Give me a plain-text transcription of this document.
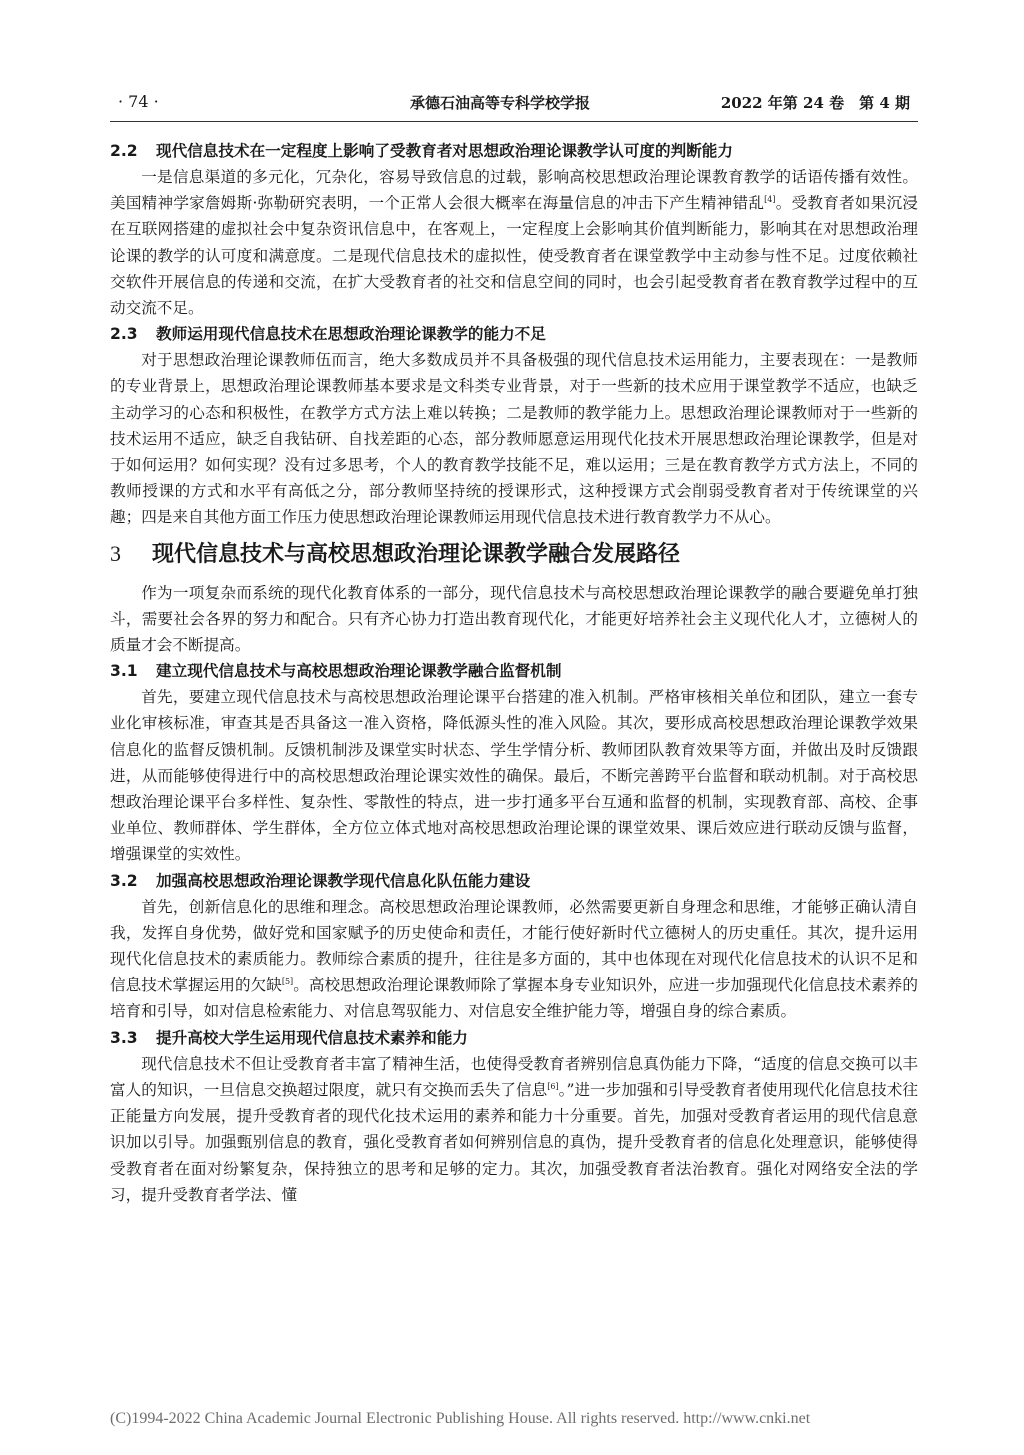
· 74 ·	承德石油高等专科学校学报	2022 年第 24 卷　第 4 期
2.2 现代信息技术在一定程度上影响了受教育者对思想政治理论课教学认可度的判断能力

一是信息渠道的多元化，冗杂化，容易导致信息的过载，影响高校思想政治理论课教育教学的话语传播有效性。美国精神学家詹姆斯·弥勒研究表明，一个正常人会很大概率在海量信息的冲击下产生精神错乱[4]。受教育者如果沉浸在互联网搭建的虚拟社会中复杂资讯信息中，在客观上，一定程度上会影响其价值判断能力，影响其在对思想政治理论课的教学的认可度和满意度。二是现代信息技术的虚拟性，使受教育者在课堂教学中主动参与性不足。过度依赖社交软件开展信息的传递和交流，在扩大受教育者的社交和信息空间的同时，也会引起受教育者在教育教学过程中的互动交流不足。

2.3 教师运用现代信息技术在思想政治理论课教学的能力不足

对于思想政治理论课教师伍而言，绝大多数成员并不具备极强的现代信息技术运用能力，主要表现在：一是教师的专业背景上，思想政治理论课教师基本要求是文科类专业背景，对于一些新的技术应用于课堂教学不适应，也缺乏主动学习的心态和积极性，在教学方式方法上难以转换；二是教师的教学能力上。思想政治理论课教师对于一些新的技术运用不适应，缺乏自我钻研、自找差距的心态，部分教师愿意运用现代化技术开展思想政治理论课教学，但是对于如何运用？如何实现？没有过多思考，个人的教育教学技能不足，难以运用；三是在教育教学方式方法上，不同的教师授课的方式和水平有高低之分，部分教师坚持统的授课形式，这种授课方式会削弱受教育者对于传统课堂的兴趣；四是来自其他方面工作压力使思想政治理论课教师运用现代信息技术进行教育教学力不从心。

3 现代信息技术与高校思想政治理论课教学融合发展路径

作为一项复杂而系统的现代化教育体系的一部分，现代信息技术与高校思想政治理论课教学的融合要避免单打独斗，需要社会各界的努力和配合。只有齐心协力打造出教育现代化，才能更好培养社会主义现代化人才，立德树人的质量才会不断提高。

3.1 建立现代信息技术与高校思想政治理论课教学融合监督机制

首先，要建立现代信息技术与高校思想政治理论课平台搭建的准入机制。严格审核相关单位和团队，建立一套专业化审核标准，审查其是否具备这一准入资格，降低源头性的准入风险。其次，要形成高校思想政治理论课教学效果信息化的监督反馈机制。反馈机制涉及课堂实时状态、学生学情分析、教师团队教育效果等方面，并做出及时反馈跟进，从而能够使得进行中的高校思想政治理论课实效性的确保。最后，不断完善跨平台监督和联动机制。对于高校思想政治理论课平台多样性、复杂性、零散性的特点，进一步打通多平台互通和监督的机制，实现教育部、高校、企事业单位、教师群体、学生群体，全方位立体式地对高校思想政治理论课的课堂效果、课后效应进行联动反馈与监督，增强课堂的实效性。

3.2 加强高校思想政治理论课教学现代信息化队伍能力建设

首先，创新信息化的思维和理念。高校思想政治理论课教师，必然需要更新自身理念和思维，才能够正确认清自我，发挥自身优势，做好党和国家赋予的历史使命和责任，才能行使好新时代立德树人的历史重任。其次，提升运用现代化信息技术的素质能力。教师综合素质的提升，往往是多方面的，其中也体现在对现代化信息技术的认识不足和信息技术掌握运用的欠缺[5]。高校思想政治理论课教师除了掌握本身专业知识外，应进一步加强现代化信息技术素养的培育和引导，如对信息检索能力、对信息驾驭能力、对信息安全维护能力等，增强自身的综合素质。

3.3 提升高校大学生运用现代信息技术素养和能力

现代信息技术不但让受教育者丰富了精神生活，也使得受教育者辨别信息真伪能力下降，“适度的信息交换可以丰富人的知识，一旦信息交换超过限度，就只有交换而丢失了信息[6]。”进一步加强和引导受教育者使用现代化信息技术往正能量方向发展，提升受教育者的现代化技术运用的素养和能力十分重要。首先，加强对受教育者运用的现代信息意识加以引导。加强甄别信息的教育，强化受教育者如何辨别信息的真伪，提升受教育者的信息化处理意识，能够使得受教育者在面对纷繁复杂，保持独立的思考和足够的定力。其次，加强受教育者法治教育。强化对网络安全法的学习，提升受教育者学法、懂

(C)1994-2022 China Academic Journal Electronic Publishing House. All rights reserved. http://www.cnki.net
